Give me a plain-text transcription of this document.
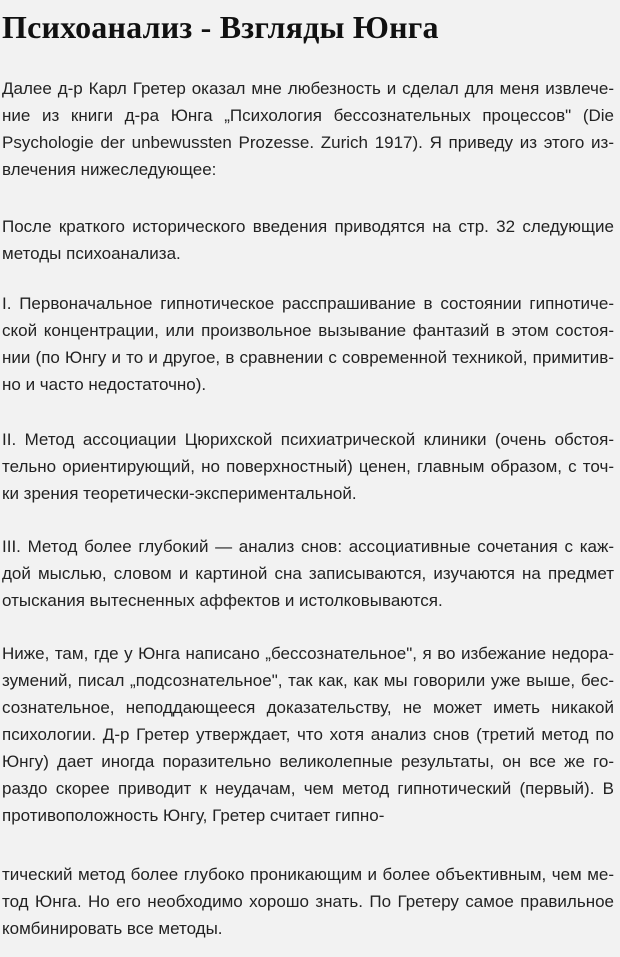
Психоанализ - Взгляды Юнга

Далее д-р Карл Гретер оказал мне любезность и сделал для меня извлече-
ние из книги д-ра Юнга „Психология бессознательных процессов" (Die
Psychologie der unbewussten Prozesse. Zurich 1917). Я приведу из этого из-
влечения нижеследующее:

После краткого исторического введения приводятся на стр. 32 следующие
методы психоанализа.

I. Первоначальное гипнотическое расспрашивание в состоянии гипнотиче-
ской концентрации, или произвольное вызывание фантазий в этом состоя-
нии (по Юнгу и то и другое, в сравнении с современной техникой, примитив-
но и часто недостаточно).

II. Метод ассоциации Цюрихской психиатрической клиники (очень обстоя-
тельно ориентирующий, но поверхностный) ценен, главным образом, с точ-
ки зрения теоретически-экспериментальной.

III. Метод более глубокий — анализ снов: ассоциативные сочетания с каж-
дой мыслью, словом и картиной сна записываются, изучаются на предмет
отыскания вытесненных аффектов и истолковываются.

Ниже, там, где у Юнга написано „бессознательное", я во избежание недора-
зумений, писал „подсознательное", так как, как мы говорили уже выше, бес-
сознательное, неподдающееся доказательству, не может иметь никакой
психологии. Д-р Гретер утверждает, что хотя анализ снов (третий метод по
Юнгу) дает иногда поразительно великолепные результаты, он все же го-
раздо скорее приводит к неудачам, чем метод гипнотический (первый). В
противоположность Юнгу, Гретер считает гипно-

тический метод более глубоко проникающим и более объективным, чем ме-
тод Юнга. Но его необходимо хорошо знать. По Гретеру самое правильное
комбинировать все методы.
